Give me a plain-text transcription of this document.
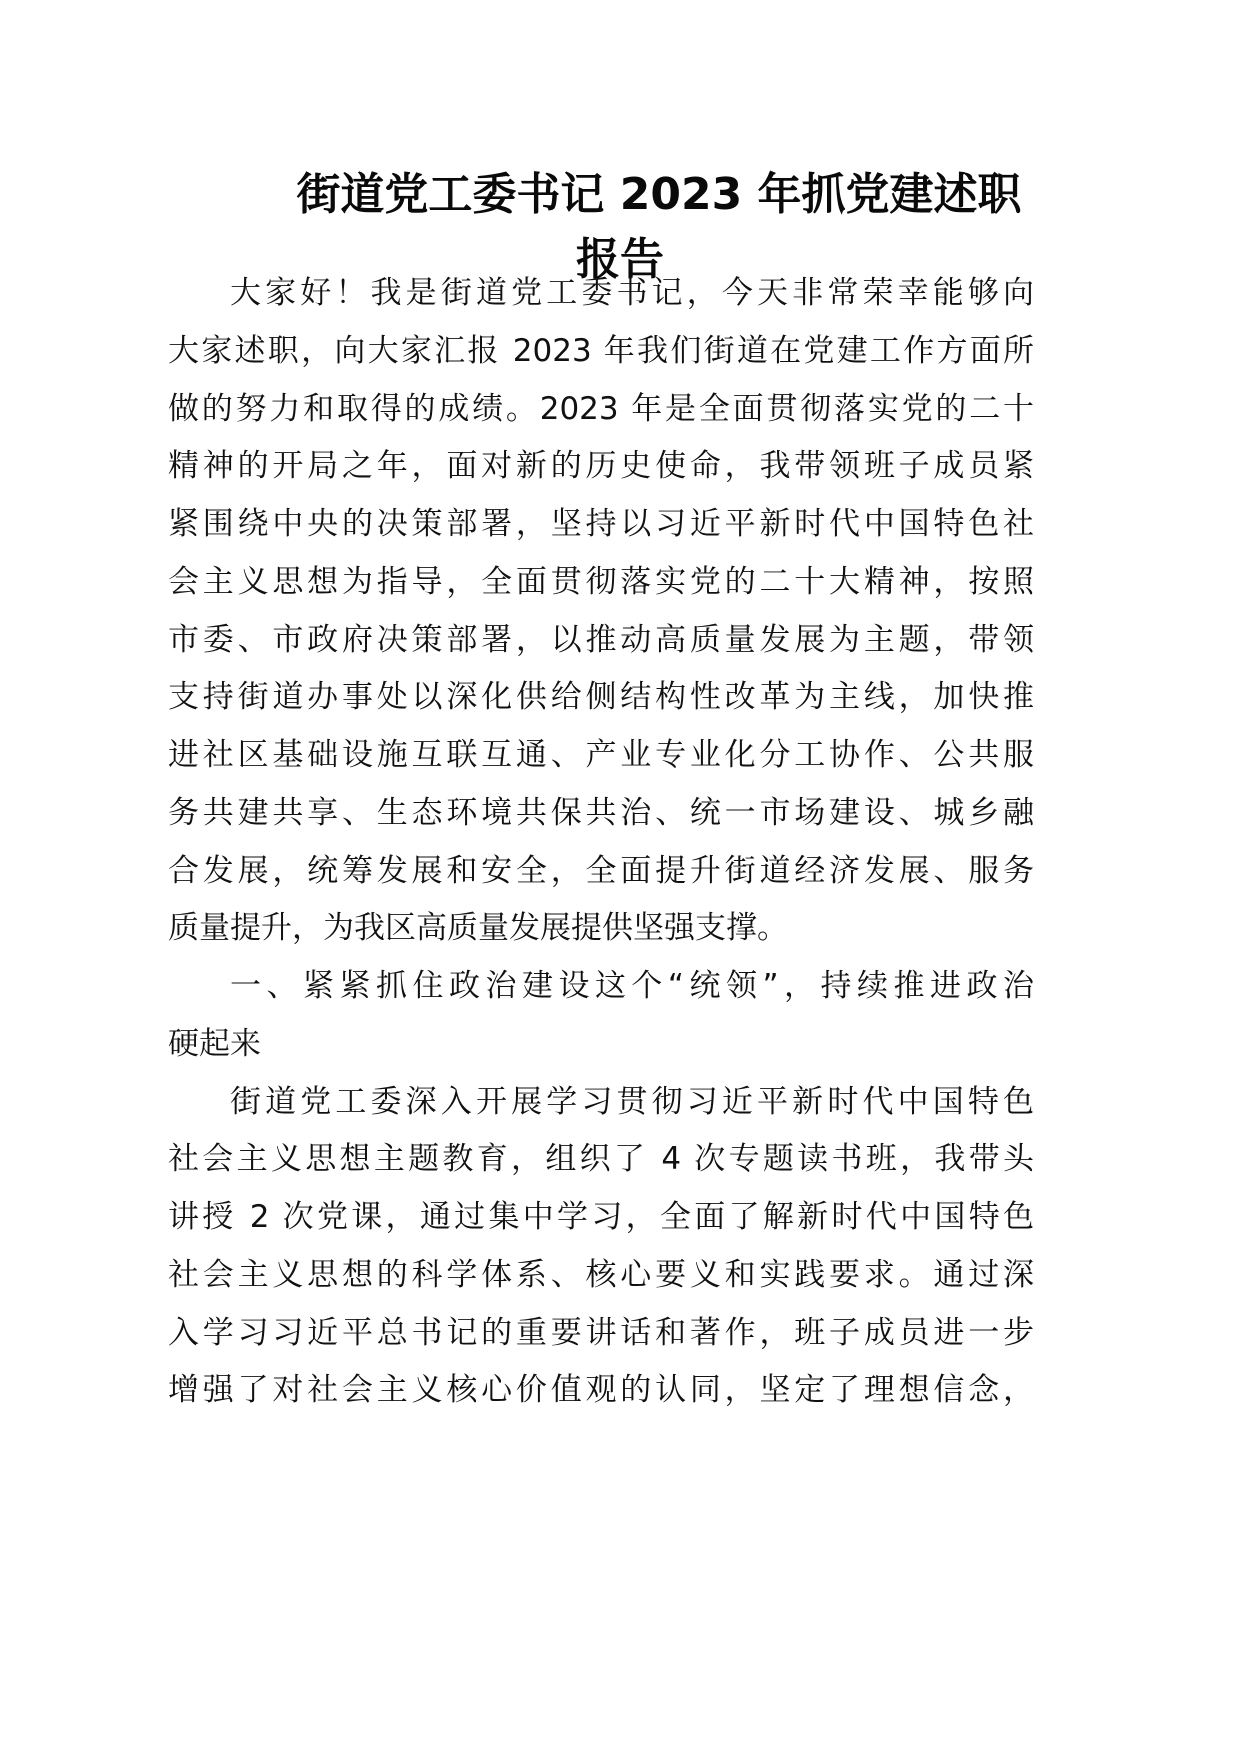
街道党工委书记 2023 年抓党建述职
报告

大家好！我是街道党工委书记，今天非常荣幸能够向

大家述职，向大家汇报 2023 年我们街道在党建工作方面所

做的努力和取得的成绩。2023 年是全面贯彻落实党的二十

精神的开局之年，面对新的历史使命，我带领班子成员紧

紧围绕中央的决策部署，坚持以习近平新时代中国特色社

会主义思想为指导，全面贯彻落实党的二十大精神，按照

市委、市政府决策部署，以推动高质量发展为主题，带领

支持街道办事处以深化供给侧结构性改革为主线，加快推

进社区基础设施互联互通、产业专业化分工协作、公共服

务共建共享、生态环境共保共治、统一市场建设、城乡融

合发展，统筹发展和安全，全面提升街道经济发展、服务

质量提升，为我区高质量发展提供坚强支撑。

一、紧紧抓住政治建设这个“统领”，持续推进政治

硬起来

街道党工委深入开展学习贯彻习近平新时代中国特色

社会主义思想主题教育，组织了 4 次专题读书班，我带头

讲授 2 次党课，通过集中学习，全面了解新时代中国特色

社会主义思想的科学体系、核心要义和实践要求。通过深

入学习习近平总书记的重要讲话和著作，班子成员进一步

增强了对社会主义核心价值观的认同，坚定了理想信念，
